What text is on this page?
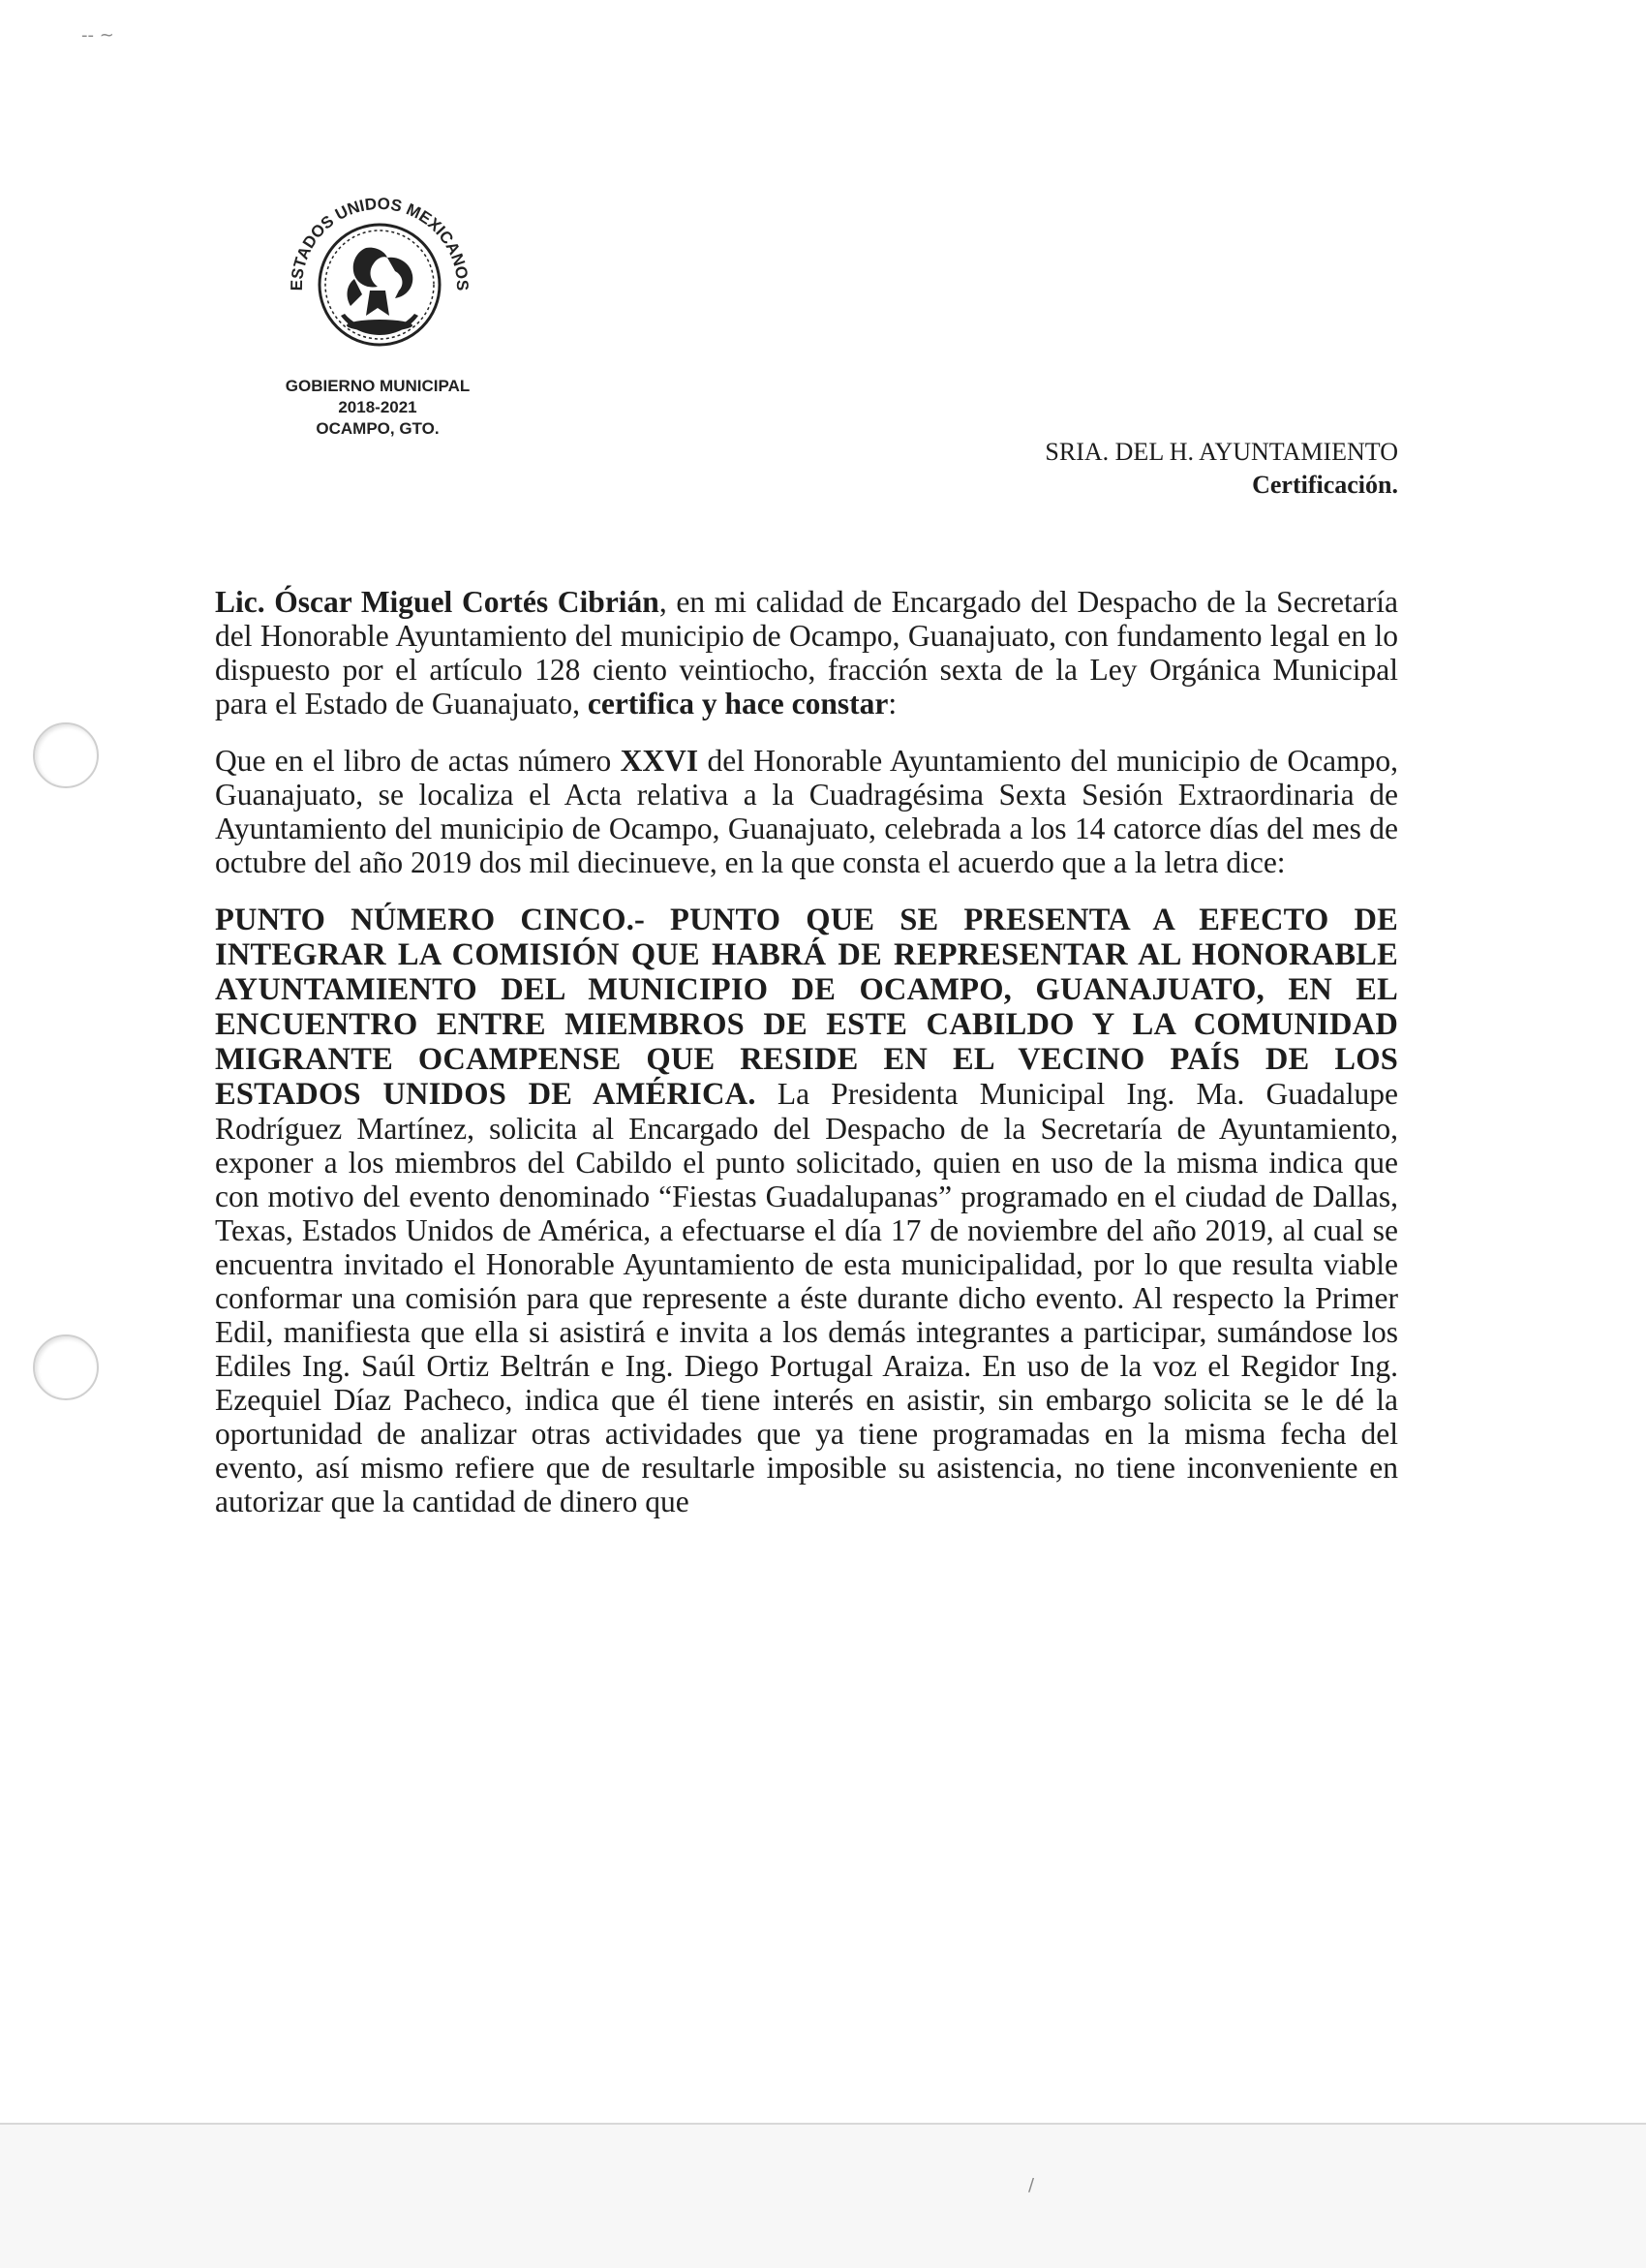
-- ~
/
ESTADOS UNIDOS MEXICANOS
GOBIERNO MUNICIPAL
2018-2021
OCAMPO, GTO.
SRIA. DEL H. AYUNTAMIENTO
Certificación.

Lic. Óscar Miguel Cortés Cibrián, en mi calidad de Encargado del Despacho de la Secretaría del Honorable Ayuntamiento del municipio de Ocampo, Guanajuato, con fundamento legal en lo dispuesto por el artículo 128 ciento veintiocho, fracción sexta de la Ley Orgánica Municipal para el Estado de Guanajuato, certifica y hace constar:

Que en el libro de actas número XXVI del Honorable Ayuntamiento del municipio de Ocampo, Guanajuato, se localiza el Acta relativa a la Cuadragésima Sexta Sesión Extraordinaria de Ayuntamiento del municipio de Ocampo, Guanajuato, celebrada a los 14 catorce días del mes de octubre del año 2019 dos mil diecinueve, en la que consta el acuerdo que a la letra dice:

PUNTO NÚMERO CINCO.- PUNTO QUE SE PRESENTA A EFECTO DE INTEGRAR LA COMISIÓN QUE HABRÁ DE REPRESENTAR AL HONORABLE AYUNTAMIENTO DEL MUNICIPIO DE OCAMPO, GUANAJUATO, EN EL ENCUENTRO ENTRE MIEMBROS DE ESTE CABILDO Y LA COMUNIDAD MIGRANTE OCAMPENSE QUE RESIDE EN EL VECINO PAÍS DE LOS ESTADOS UNIDOS DE AMÉRICA. La Presidenta Municipal Ing. Ma. Guadalupe Rodríguez Martínez, solicita al Encargado del Despacho de la Secretaría de Ayuntamiento, exponer a los miembros del Cabildo el punto solicitado, quien en uso de la misma indica que con motivo del evento denominado “Fiestas Guadalupanas” programado en el ciudad de Dallas, Texas, Estados Unidos de América, a efectuarse el día 17 de noviembre del año 2019, al cual se encuentra invitado el Honorable Ayuntamiento de esta municipalidad, por lo que resulta viable conformar una comisión para que represente a éste durante dicho evento. Al respecto la Primer Edil, manifiesta que ella si asistirá e invita a los demás integrantes a participar, sumándose los Ediles Ing. Saúl Ortiz Beltrán e Ing. Diego Portugal Araiza. En uso de la voz el Regidor Ing. Ezequiel Díaz Pacheco, indica que él tiene interés en asistir, sin embargo solicita se le dé la oportunidad de analizar otras actividades que ya tiene programadas en la misma fecha del evento, así mismo refiere que de resultarle imposible su asistencia, no tiene inconveniente en autorizar que la cantidad de dinero que
